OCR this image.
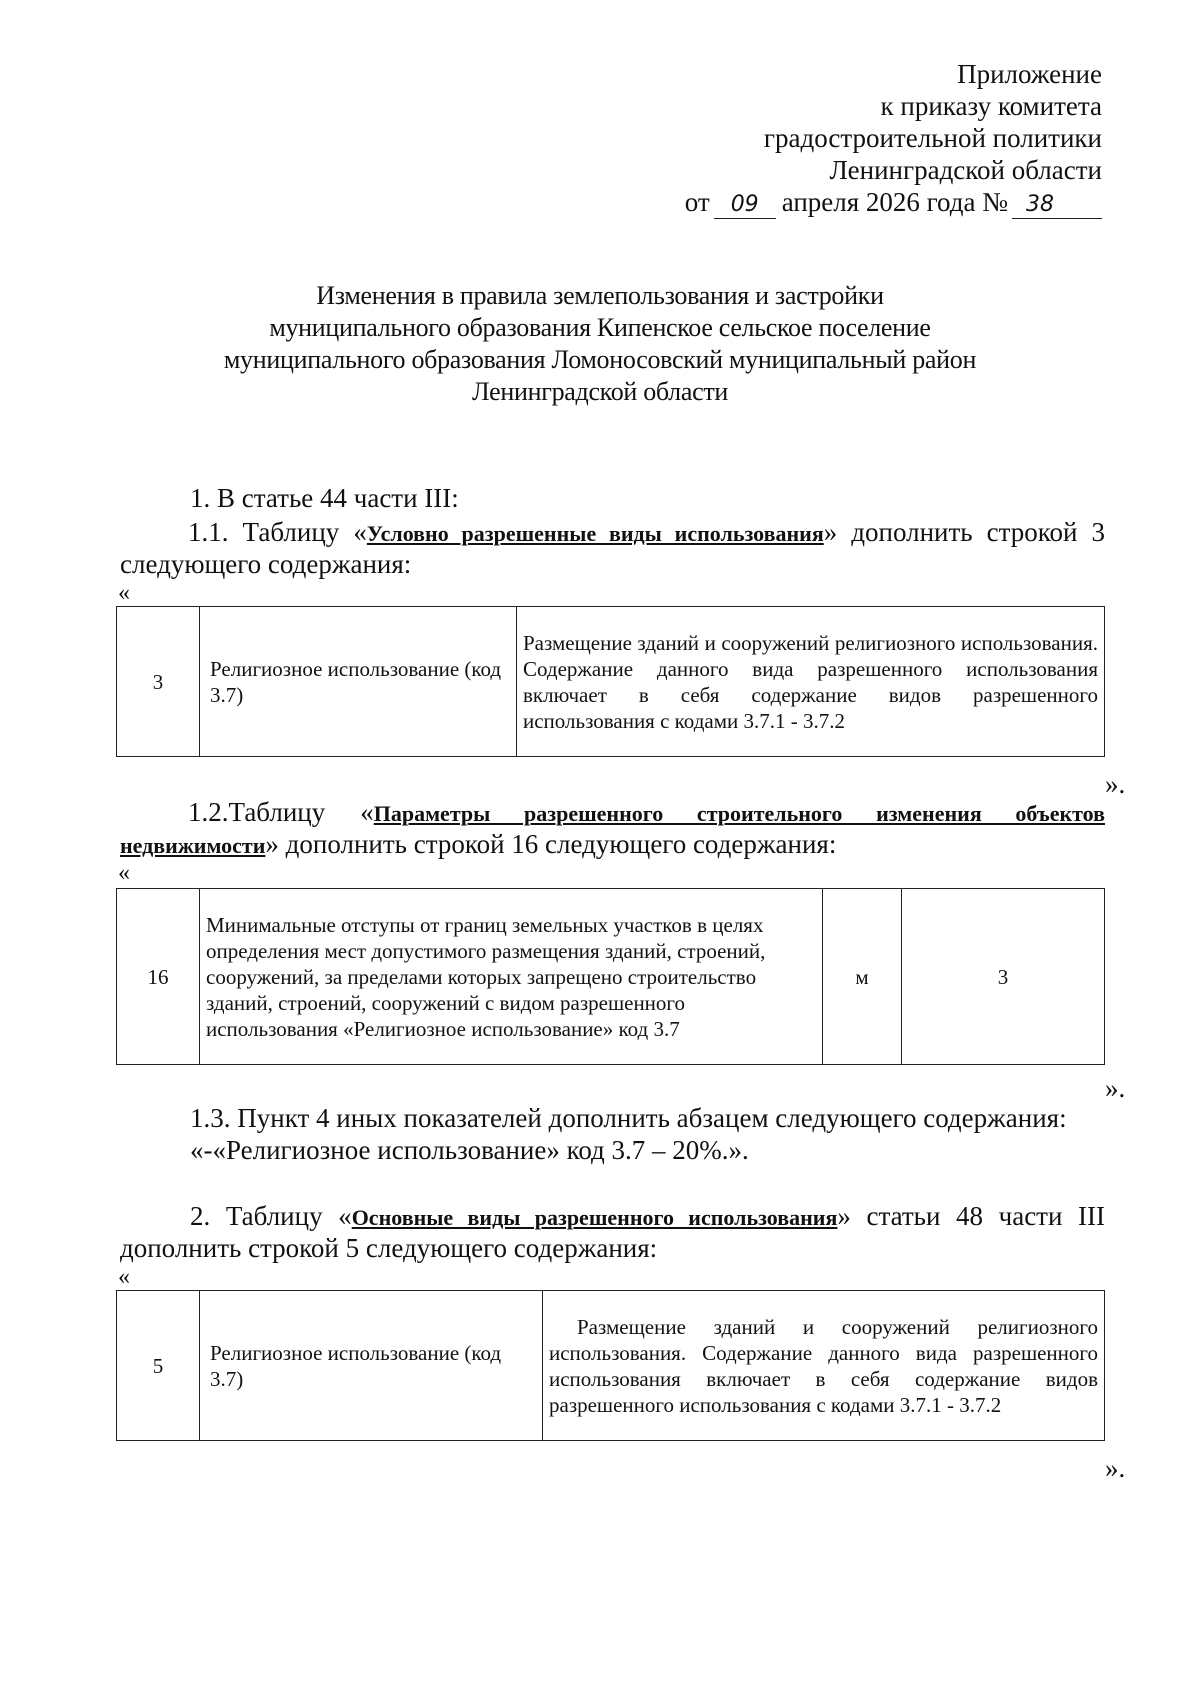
Приложение
к приказу комитета
градостроительной политики
Ленинградской области
от 09 апреля 2026 года № 38
Изменения в правила землепользования и застройки
муниципального образования Кипенское сельское поселение
муниципального образования Ломоносовский муниципальный район
Ленинградской области
1. В статье 44 части III:
1.1. Таблицу «Условно разрешенные виды использования» дополнить строкой 3
следующего содержания:
«
3	Религиозное использование (код 3.7)	Размещение зданий и сооружений религиозного использования. Содержание данного вида разрешенного использования включает в себя содержание видов разрешенного использования с кодами 3.7.1 - 3.7.2
».
1.2.Таблицу «Параметры разрешенного строительного изменения объектов
недвижимости» дополнить строкой 16 следующего содержания:
«
16	Минимальные отступы от границ земельных участков в целях определения мест допустимого размещения зданий, строений, сооружений, за пределами которых запрещено строительство зданий, строений, сооружений с видом разрешенного использования «Религиозное использование» код 3.7	м	3
».
1.3. Пункт 4 иных показателей дополнить абзацем следующего содержания:
«-«Религиозное использование» код 3.7 – 20%.».
2. Таблицу «Основные виды разрешенного использования» статьи 48 части III
дополнить строкой 5 следующего содержания:
«
5	Религиозное использование (код 3.7)	Размещение зданий и сооружений религиозного использования. Содержание данного вида разрешенного использования включает в себя содержание видов разрешенного использования с кодами 3.7.1 - 3.7.2
».
